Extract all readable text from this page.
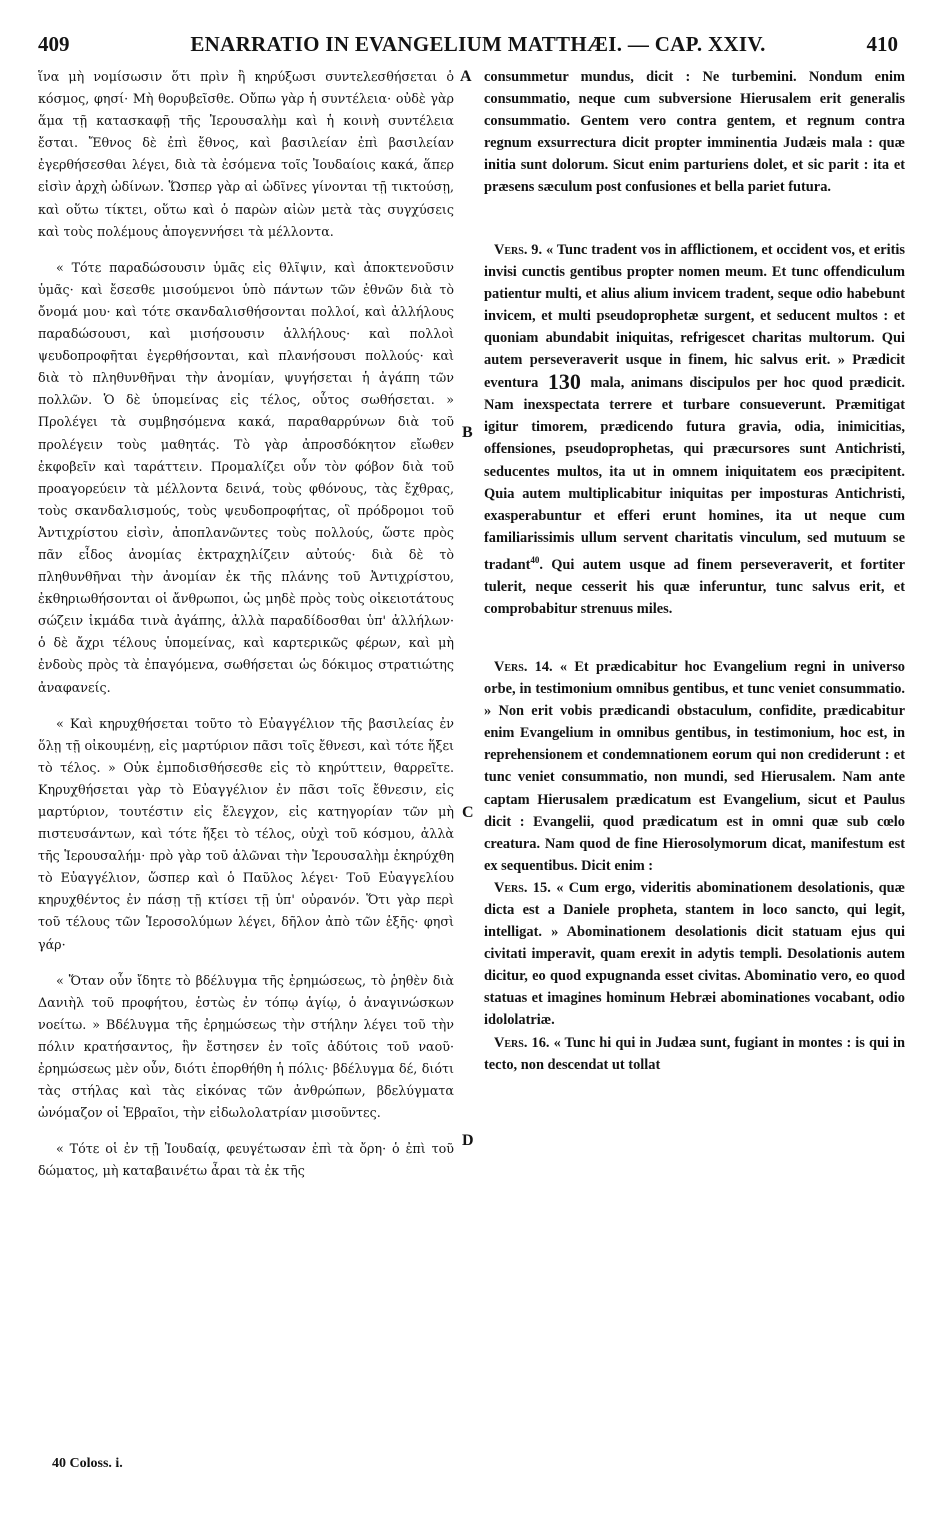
409	ENARRATIO IN EVANGELIUM MATTHÆI. — CAP. XXIV.	410

ἵνα μὴ νομίσωσιν ὅτι πρὶν ἢ κηρύξωσι συντελεσθήσεται ὁ κόσμος, φησί· Μὴ θορυβεῖσθε. Οὔπω γὰρ ἡ συντέλεια· οὐδὲ γὰρ ἅμα τῇ κατασκαφῇ τῆς Ἱερουσαλὴμ καὶ ἡ κοινὴ συντέλεια ἔσται. Ἔθνος δὲ ἐπὶ ἔθνος, καὶ βασιλείαν ἐπὶ βασιλείαν ἐγερθήσεσθαι λέγει, διὰ τὰ ἐσόμενα τοῖς Ἰουδαίοις κακά, ἅπερ εἰσὶν ἀρχὴ ὠδίνων. Ὥσπερ γὰρ αἱ ὠδῖνες γίνονται τῇ τικτούσῃ, καὶ οὕτω τίκτει, οὕτω καὶ ὁ παρὼν αἰὼν μετὰ τὰς συγχύσεις καὶ τοὺς πολέμους ἀπογεννήσει τὰ μέλλοντα.

« Τότε παραδώσουσιν ὑμᾶς εἰς θλῖψιν, καὶ ἀποκτενοῦσιν ὑμᾶς· καὶ ἔσεσθε μισούμενοι ὑπὸ πάντων τῶν ἐθνῶν διὰ τὸ ὄνομά μου· καὶ τότε σκανδαλισθήσονται πολλοί, καὶ ἀλλήλους παραδώσουσι, καὶ μισήσουσιν ἀλλήλους· καὶ πολλοὶ ψευδοπροφῆται ἐγερθήσονται, καὶ πλανήσουσι πολλούς· καὶ διὰ τὸ πληθυνθῆναι τὴν ἀνομίαν, ψυγήσεται ἡ ἀγάπη τῶν πολλῶν. Ὁ δὲ ὑπομείνας εἰς τέλος, οὗτος σωθήσεται. » Προλέγει τὰ συμβησόμενα κακά, παραθαρρύνων διὰ τοῦ προλέγειν τοὺς μαθητάς. Τὸ γὰρ ἀπροσδόκητον εἴωθεν ἐκφοβεῖν καὶ ταράττειν. Προμαλίζει οὖν τὸν φόβον διὰ τοῦ προαγορεύειν τὰ μέλλοντα δεινά, τοὺς φθόνους, τὰς ἔχθρας, τοὺς σκανδαλισμούς, τοὺς ψευδοπροφήτας, οἳ πρόδρομοι τοῦ Ἀντιχρίστου εἰσὶν, ἀποπλανῶντες τοὺς πολλούς, ὥστε πρὸς πᾶν εἶδος ἀνομίας ἐκτραχηλίζειν αὐτούς· διὰ δὲ τὸ πληθυνθῆναι τὴν ἀνομίαν ἐκ τῆς πλάνης τοῦ Ἀντιχρίστου, ἐκθηριωθήσονται οἱ ἄνθρωποι, ὡς μηδὲ πρὸς τοὺς οἰκειοτάτους σώζειν ἰκμάδα τινὰ ἀγάπης, ἀλλὰ παραδίδοσθαι ὑπ' ἀλλήλων· ὁ δὲ ἄχρι τέλους ὑπομείνας, καὶ καρτερικῶς φέρων, καὶ μὴ ἐνδοὺς πρὸς τὰ ἐπαγόμενα, σωθήσεται ὡς δόκιμος στρατιώτης ἀναφανείς.

« Καὶ κηρυχθήσεται τοῦτο τὸ Εὐαγγέλιον τῆς βασιλείας ἐν ὅλῃ τῇ οἰκουμένῃ, εἰς μαρτύριον πᾶσι τοῖς ἔθνεσι, καὶ τότε ἥξει τὸ τέλος. » Οὐκ ἐμποδισθήσεσθε εἰς τὸ κηρύττειν, θαρρεῖτε. Κηρυχθήσεται γὰρ τὸ Εὐαγγέλιον ἐν πᾶσι τοῖς ἔθνεσιν, εἰς μαρτύριον, τουτέστιν εἰς ἔλεγχον, εἰς κατηγορίαν τῶν μὴ πιστευσάντων, καὶ τότε ἥξει τὸ τέλος, οὐχὶ τοῦ κόσμου, ἀλλὰ τῆς Ἱερουσαλήμ· πρὸ γὰρ τοῦ ἁλῶναι τὴν Ἱερουσαλὴμ ἐκηρύχθη τὸ Εὐαγγέλιον, ὥσπερ καὶ ὁ Παῦλος λέγει· Τοῦ Εὐαγγελίου κηρυχθέντος ἐν πάσῃ τῇ κτίσει τῇ ὑπ' οὐρανόν. Ὅτι γὰρ περὶ τοῦ τέλους τῶν Ἱεροσολύμων λέγει, δῆλον ἀπὸ τῶν ἑξῆς· φησὶ γάρ·

« Ὅταν οὖν ἴδητε τὸ βδέλυγμα τῆς ἐρημώσεως, τὸ ῥηθὲν διὰ Δανιὴλ τοῦ προφήτου, ἑστὼς ἐν τόπῳ ἁγίῳ, ὁ ἀναγινώσκων νοείτω. » Βδέλυγμα τῆς ἐρημώσεως τὴν στήλην λέγει τοῦ τὴν πόλιν κρατήσαντος, ἣν ἔστησεν ἐν τοῖς ἀδύτοις τοῦ ναοῦ· ἐρημώσεως μὲν οὖν, διότι ἐπορθήθη ἡ πόλις· βδέλυγμα δέ, διότι τὰς στήλας καὶ τὰς εἰκόνας τῶν ἀνθρώπων, βδελύγματα ὠνόμαζον οἱ Ἑβραῖοι, τὴν εἰδωλολατρίαν μισοῦντες.

« Τότε οἱ ἐν τῇ Ἰουδαίᾳ, φευγέτωσαν ἐπὶ τὰ ὄρη· ὁ ἐπὶ τοῦ δώματος, μὴ καταβαινέτω ἆραι τὰ ἐκ τῆς

A
B
C
D

consummetur mundus, dicit : Ne turbemini. Nondum enim consummatio, neque cum subversione Hierusalem erit generalis consummatio. Gentem vero contra gentem, et regnum contra regnum exsurrectura dicit propter imminentia Judæis mala : quæ initia sunt dolorum. Sicut enim parturiens dolet, et sic parit : ita et præsens sæculum post confusiones et bella pariet futura.

Vers. 9. « Tunc tradent vos in afflictionem, et occident vos, et eritis invisi cunctis gentibus propter nomen meum. Et tunc offendiculum patientur multi, et alius alium invicem tradent, seque odio habebunt invicem, et multi pseudoprophetæ surgent, et seducent multos : et quoniam abundabit iniquitas, refrigescet charitas multorum. Qui autem perseveraverit usque in finem, hic salvus erit. » Prædicit eventura 130 mala, animans discipulos per hoc quod prædicit. Nam inexspectata terrere et turbare consueverunt. Præmitigat igitur timorem, prædicendo futura gravia, odia, inimicitias, offensiones, pseudoprophetas, qui præcursores sunt Antichristi, seducentes multos, ita ut in omnem iniquitatem eos præcipitent. Quia autem multiplicabitur iniquitas per imposturas Antichristi, exasperabuntur et efferi erunt homines, ita ut neque cum familiarissimis ullum servent charitatis vinculum, sed mutuum se tradant$^{40}$. Qui autem usque ad finem perseveraverit, et fortiter tulerit, neque cesserit his quæ inferuntur, tunc salvus erit, et comprobabitur strenuus miles.

Vers. 14. « Et prædicabitur hoc Evangelium regni in universo orbe, in testimonium omnibus gentibus, et tunc veniet consummatio. » Non erit vobis prædicandi obstaculum, confidite, prædicabitur enim Evangelium in omnibus gentibus, in testimonium, hoc est, in reprehensionem et condemnationem eorum qui non crediderunt : et tunc veniet consummatio, non mundi, sed Hierusalem. Nam ante captam Hierusalem prædicatum est Evangelium, sicut et Paulus dicit : Evangelii, quod prædicatum est in omni quæ sub cœlo creatura. Nam quod de fine Hierosolymorum dicat, manifestum est ex sequentibus. Dicit enim :

Vers. 15. « Cum ergo, videritis abominationem desolationis, quæ dicta est a Daniele propheta, stantem in loco sancto, qui legit, intelligat. » Abominationem desolationis dicit statuam ejus qui civitati imperavit, quam erexit in adytis templi. Desolationis autem dicitur, eo quod expugnanda esset civitas. Abominatio vero, eo quod statuas et imagines hominum Hebræi abominationes vocabant, odio idololatriæ.

Vers. 16. « Tunc hi qui in Judæa sunt, fugiant in montes : is qui in tecto, non descendat ut tollat

40 Coloss. i.
